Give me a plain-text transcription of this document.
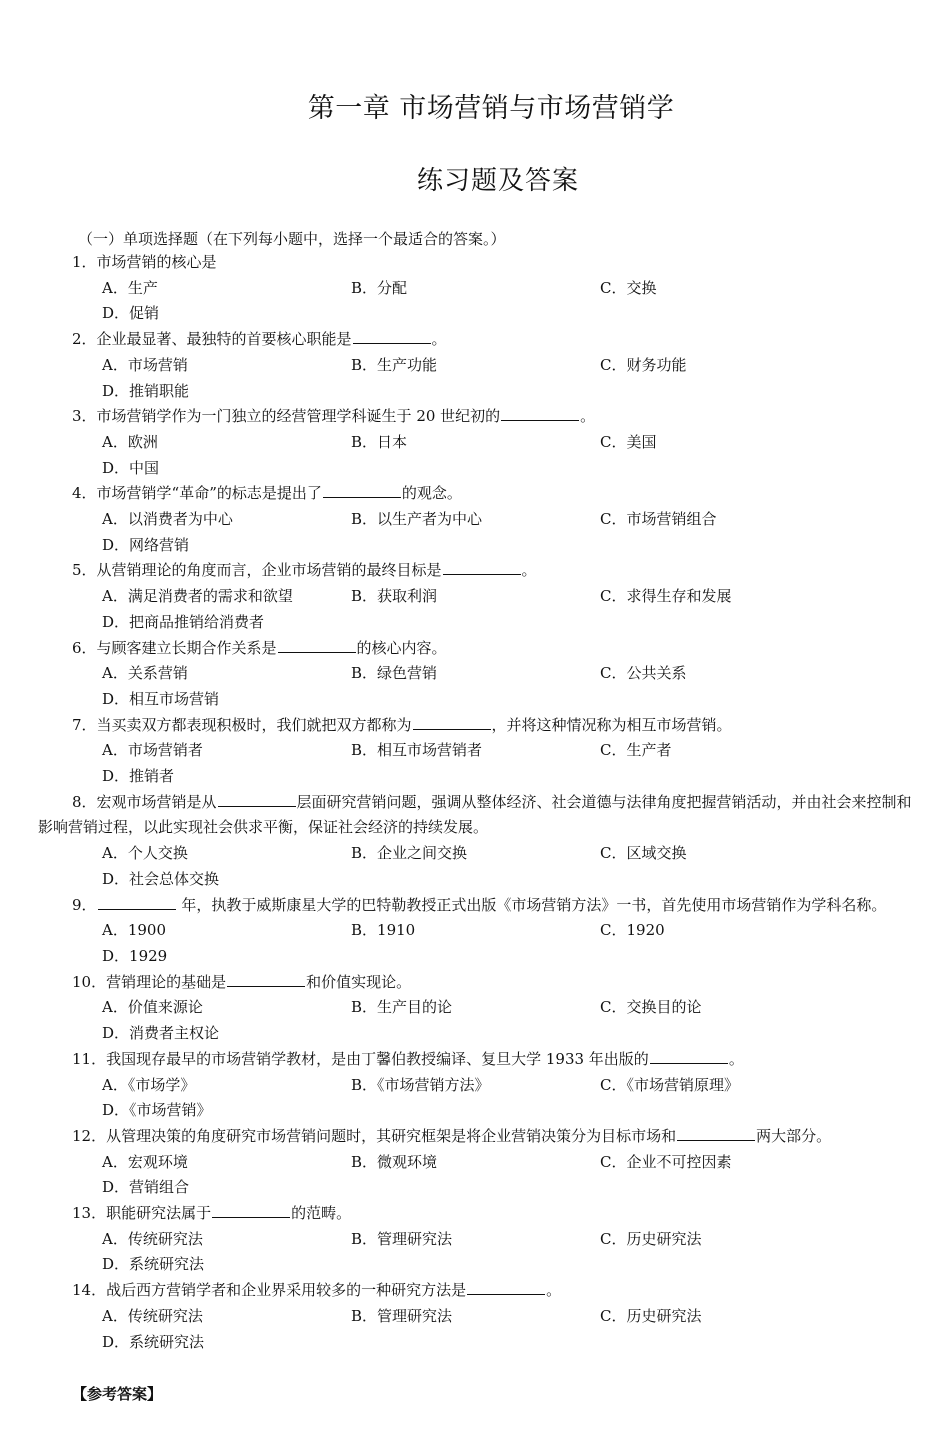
第一章 市场营销与市场营销学
练习题及答案
（一）单项选择题（在下列每小题中，选择一个最适合的答案。）
1．市场营销的核心是
A．生产	B．分配	C．交换
D．促销
2．企业最显著、最独特的首要核心职能是	。
A．市场营销	B．生产功能	C．财务功能
D．推销职能
3．市场营销学作为一门独立的经营管理学科诞生于 20 世纪初的	。
A．欧洲	B．日本	C．美国
D．中国
4．市场营销学“革命”的标志是提出了	的观念。
A．以消费者为中心	B．以生产者为中心	C．市场营销组合
D．网络营销
5．从营销理论的角度而言，企业市场营销的最终目标是	。
A．满足消费者的需求和欲望	B．获取利润	C．求得生存和发展
D．把商品推销给消费者
6．与顾客建立长期合作关系是	的核心内容。
A．关系营销	B．绿色营销	C．公共关系
D．相互市场营销
7．当买卖双方都表现积极时，我们就把双方都称为	，并将这种情况称为相互市场营销。
A．市场营销者	B．相互市场营销者	C．生产者
D．推销者
8．宏观市场营销是从	层面研究营销问题，强调从整体经济、社会道德与法律角度把握营销活动，并由社会来控制和影响营销过程，以此实现社会供求平衡，保证社会经济的持续发展。
A．个人交换	B．企业之间交换	C．区域交换
D．社会总体交换
9．	年，执教于威斯康星大学的巴特勒教授正式出版《市场营销方法》一书，首先使用市场营销作为学科名称。
A．1900	B．1910	C．1920
D．1929
10．营销理论的基础是	和价值实现论。
A．价值来源论	B．生产目的论	C．交换目的论
D．消费者主权论
11．我国现存最早的市场营销学教材，是由丁馨伯教授编译、复旦大学 1933 年出版的	。
A．《市场学》	B．《市场营销方法》	C．《市场营销原理》
D．《市场营销》
12．从管理决策的角度研究市场营销问题时，其研究框架是将企业营销决策分为目标市场和	两大部分。
A．宏观环境	B．微观环境	C．企业不可控因素
D．营销组合
13．职能研究法属于	的范畴。
A．传统研究法	B．管理研究法	C．历史研究法
D．系统研究法
14．战后西方营销学者和企业界采用较多的一种研究方法是	。
A．传统研究法	B．管理研究法	C．历史研究法
D．系统研究法
【参考答案】
